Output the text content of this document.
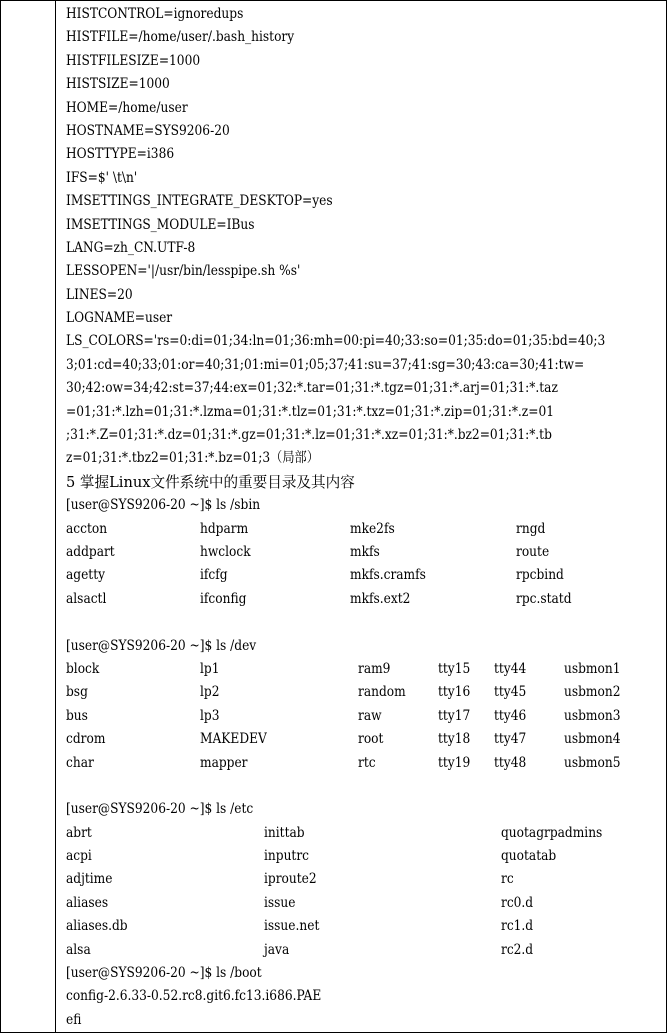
HISTCONTROL=ignoredups
HISTFILE=/home/user/.bash_history
HISTFILESIZE=1000
HISTSIZE=1000
HOME=/home/user
HOSTNAME=SYS9206-20
HOSTTYPE=i386
IFS=$' \t\n'
IMSETTINGS_INTEGRATE_DESKTOP=yes
IMSETTINGS_MODULE=IBus
LANG=zh_CN.UTF-8
LESSOPEN='|/usr/bin/lesspipe.sh %s'
LINES=20
LOGNAME=user
LS_COLORS='rs=0:di=01;34:ln=01;36:mh=00:pi=40;33:so=01;35:do=01;35:bd=40;3
3;01:cd=40;33;01:or=40;31;01:mi=01;05;37;41:su=37;41:sg=30;43:ca=30;41:tw=
30;42:ow=34;42:st=37;44:ex=01;32:*.tar=01;31:*.tgz=01;31:*.arj=01;31:*.taz
=01;31:*.lzh=01;31:*.lzma=01;31:*.tlz=01;31:*.txz=01;31:*.zip=01;31:*.z=01
;31:*.Z=01;31:*.dz=01;31:*.gz=01;31:*.lz=01;31:*.xz=01;31:*.bz2=01;31:*.tb
z=01;31:*.tbz2=01;31:*.bz=01;3（局部）
5 掌握Linux文件系统中的重要目录及其内容
[user@SYS9206-20 ~]$ ls /sbin
accton	hdparm	mke2fs	rngd
addpart	hwclock	mkfs	route
agetty	ifcfg	mkfs.cramfs	rpcbind
alsactl	ifconfig	mkfs.ext2	rpc.statd
[user@SYS9206-20 ~]$ ls /dev
block	lp1	ram9	tty15 tty44	usbmon1
bsg	lp2	random tty16 tty45	usbmon2
bus	lp3	raw	tty17 tty46	usbmon3
cdrom	MAKEDEV	root	tty18 tty47	usbmon4
char	mapper	rtc	tty19 tty48	usbmon5
[user@SYS9206-20 ~]$ ls /etc
abrt	inittab	quotagrpadmins
acpi	inputrc	quotatab
adjtime	iproute2	rc
aliases	issue	rc0.d
aliases.db	issue.net	rc1.d
alsa	java	rc2.d
[user@SYS9206-20 ~]$ ls /boot
config-2.6.33-0.52.rc8.git6.fc13.i686.PAE
efi
